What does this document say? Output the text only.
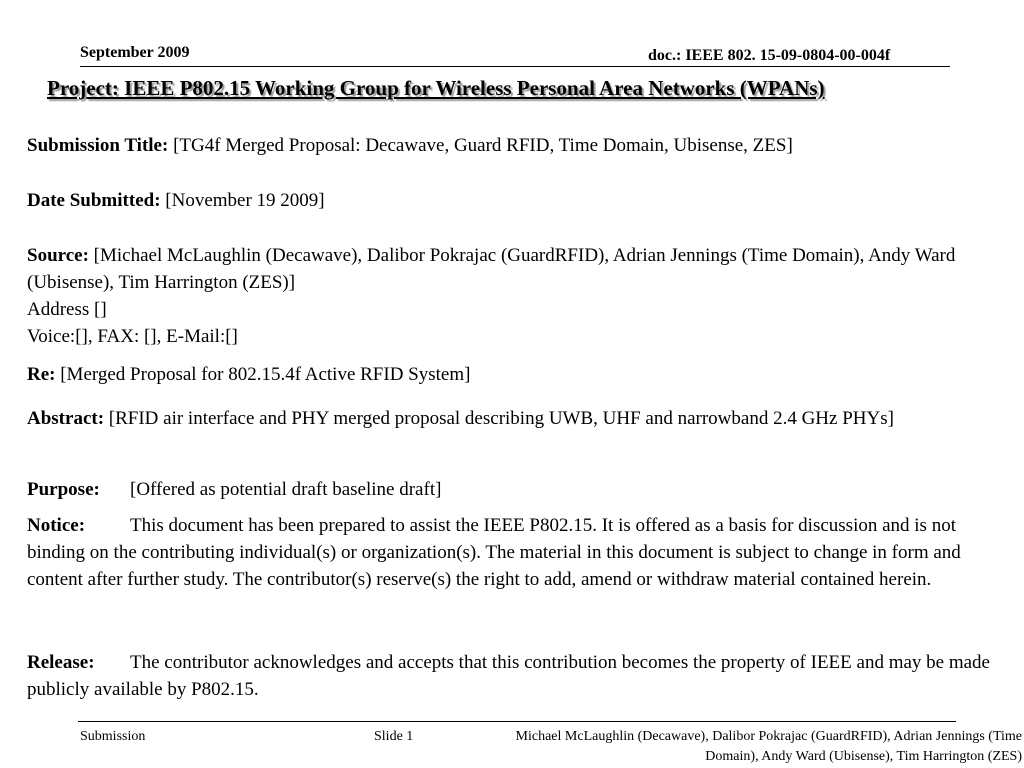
September 2009	doc.: IEEE 802. 15-09-0804-00-004f
Project: IEEE P802.15 Working Group for Wireless Personal Area Networks (WPANs)
Submission Title: [TG4f Merged Proposal: Decawave, Guard RFID, Time Domain, Ubisense, ZES]
Date Submitted: [November 19 2009]
Source: [Michael McLaughlin (Decawave), Dalibor Pokrajac (GuardRFID), Adrian Jennings (Time Domain), Andy Ward (Ubisense), Tim Harrington (ZES)]
Address []
Voice:[], FAX: [], E-Mail:[]
Re: [Merged Proposal for 802.15.4f Active RFID System]
Abstract: [RFID air interface and PHY merged proposal describing UWB, UHF and narrowband 2.4 GHz PHYs]
Purpose: [Offered as potential draft baseline draft]
Notice: This document has been prepared to assist the IEEE P802.15. It is offered as a basis for discussion and is not binding on the contributing individual(s) or organization(s). The material in this document is subject to change in form and content after further study. The contributor(s) reserve(s) the right to add, amend or withdraw material contained herein.
Release: The contributor acknowledges and accepts that this contribution becomes the property of IEEE and may be made publicly available by P802.15.
Submission	Slide 1	Michael McLaughlin (Decawave), Dalibor Pokrajac (GuardRFID), Adrian Jennings (Time Domain), Andy Ward (Ubisense), Tim Harrington (ZES)
